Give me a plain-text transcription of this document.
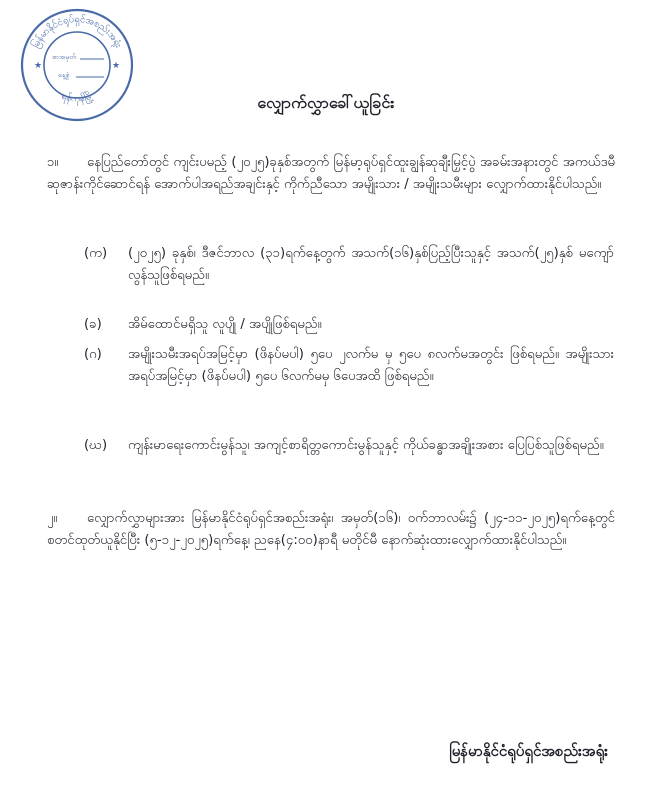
မြန်မာနိုင်ငံရုပ်ရှင်အစည်းအရုံး
ရန်ကုန်မြို့
★	★
စာအမှတ်
နေ့စွဲ
လျှောက်လွှာခေါ်ယူခြင်း
၁။	နေပြည်တော်တွင် ကျင်းပမည့် (၂၀၂၅)ခုနှစ်အတွက် မြန်မာ့ရုပ်ရှင်ထူးချွန်ဆုချီးမြှင့်ပွဲ အခမ်းအနားတွင် အကယ်ဒမီဆုဇာန်းကိုင်ဆောင်ရန် အောက်ပါအရည်အချင်းနှင့် ကိုက်ညီသော အမျိုးသား / အမျိုးသမီးများ လျှောက်ထားနိုင်ပါသည်။
(က) (၂၀၂၅) ခုနှစ်၊ ဒီဇင်ဘာလ (၃၁)ရက်နေ့တွက် အသက်(၁၆)နှစ်ပြည့်ပြီးသူနှင့် အသက်(၂၅)နှစ် မကျော်လွန်သူဖြစ်ရမည်။
(ခ) အိမ်ထောင်မရှိသူ လူပျို / အပျိုဖြစ်ရမည်။
(ဂ) အမျိုးသမီးအရပ်အမြင့်မှာ (ဖိနပ်မပါ) ၅ပေ ၂လက်မ မှ ၅ပေ ၈လက်မအတွင်း ဖြစ်ရမည်။ အမျိုးသားအရပ်အမြင့်မှာ (ဖိနပ်မပါ) ၅ပေ ၆လက်မမှ ၆ပေအထိ ဖြစ်ရမည်။
(ဃ) ကျန်းမာရေးကောင်းမွန်သူ၊ အကျင့်စာရိတ္တကောင်းမွန်သူနှင့် ကိုယ်ခန္ဓာအချိုးအစား ပြေပြစ်သူဖြစ်ရမည်။
၂။	လျှောက်လွှာများအား မြန်မာနိုင်ငံရုပ်ရှင်အစည်းအရုံး၊ အမှတ်(၁၆)၊ ဝက်ဘာလမ်း၌ (၂၄-၁၁-၂၀၂၅)ရက်နေ့တွင် စတင်ထုတ်ယူနိုင်ပြီး (၅-၁၂-၂၀၂၅)ရက်နေ့၊ ညနေ(၄:၀၀)နာရီ မတိုင်မီ နောက်ဆုံးထားလျှောက်ထားနိုင်ပါသည်။
မြန်မာနိုင်ငံရုပ်ရှင်အစည်းအရုံး
